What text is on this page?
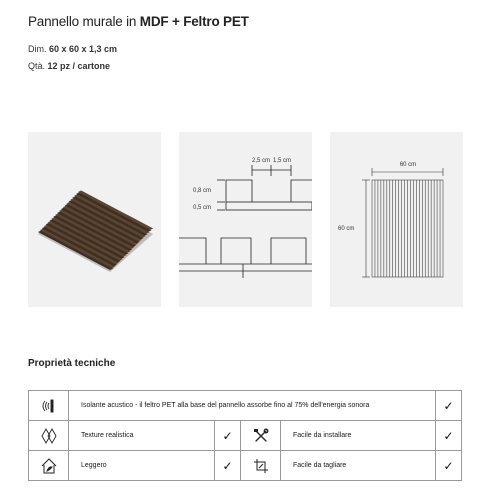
Pannello murale in MDF + Feltro PET
Dim. 60 x 60 x 1,3 cm
Qtà. 12 pz / cartone
2,5 cm 1,5 cm
0,8 cm
0,5 cm
60 cm
60 cm
Proprietà tecniche
	Isolante acustico - il feltro PET alla base del pannello assorbe fino al 75% dell'energia sonora				✓
	Texture realistica	✓		Facile da installare	✓
	Leggero	✓		Facile da tagliare	✓
